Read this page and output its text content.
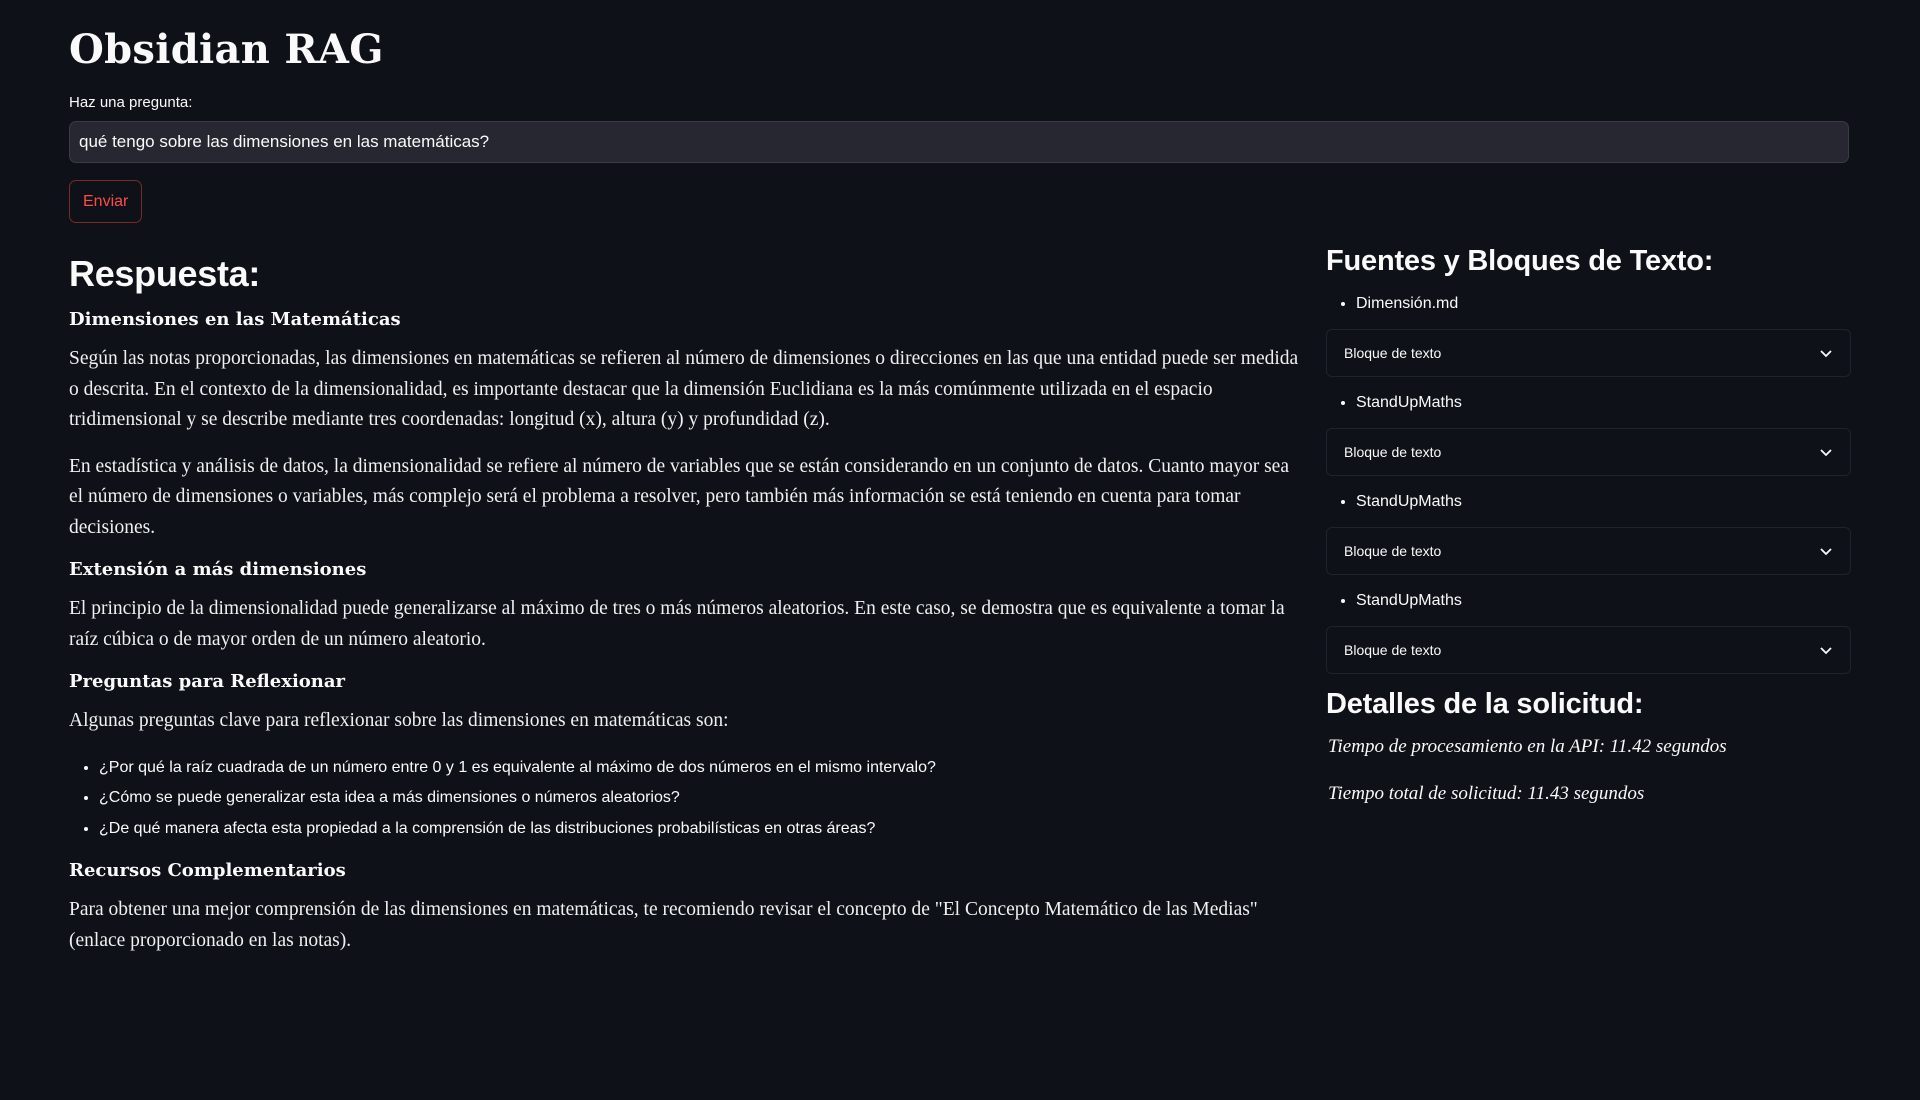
Obsidian RAG
Haz una pregunta:
qué tengo sobre las dimensiones en las matemáticas? Enviar
Respuesta:
Dimensiones en las Matemáticas

Según las notas proporcionadas, las dimensiones en matemáticas se refieren al número de dimensiones o direcciones en las que una entidad puede ser medida o descrita. En el contexto de la dimensionalidad, es importante destacar que la dimensión Euclidiana es la más comúnmente utilizada en el espacio tridimensional y se describe mediante tres coordenadas: longitud (x), altura (y) y profundidad (z).

En estadística y análisis de datos, la dimensionalidad se refiere al número de variables que se están considerando en un conjunto de datos. Cuanto mayor sea el número de dimensiones o variables, más complejo será el problema a resolver, pero también más información se está teniendo en cuenta para tomar decisiones.

Extensión a más dimensiones

El principio de la dimensionalidad puede generalizarse al máximo de tres o más números aleatorios. En este caso, se demostra que es equivalente a tomar la raíz cúbica o de mayor orden de un número aleatorio.

Preguntas para Reflexionar

Algunas preguntas clave para reflexionar sobre las dimensiones en matemáticas son:

• ¿Por qué la raíz cuadrada de un número entre 0 y 1 es equivalente al máximo de dos números en el mismo intervalo?
• ¿Cómo se puede generalizar esta idea a más dimensiones o números aleatorios?
• ¿De qué manera afecta esta propiedad a la comprensión de las distribuciones probabilísticas en otras áreas?
Recursos Complementarios

Para obtener una mejor comprensión de las dimensiones en matemáticas, te recomiendo revisar el concepto de "El Concepto Matemático de las Medias" (enlace proporcionado en las notas).

Fuentes y Bloques de Texto:
• Dimensión.md
Bloque de texto
• StandUpMaths
Bloque de texto
• StandUpMaths
Bloque de texto
• StandUpMaths
Bloque de texto
Detalles de la solicitud:
Tiempo de procesamiento en la API: 11.42 segundos
Tiempo total de solicitud: 11.43 segundos
